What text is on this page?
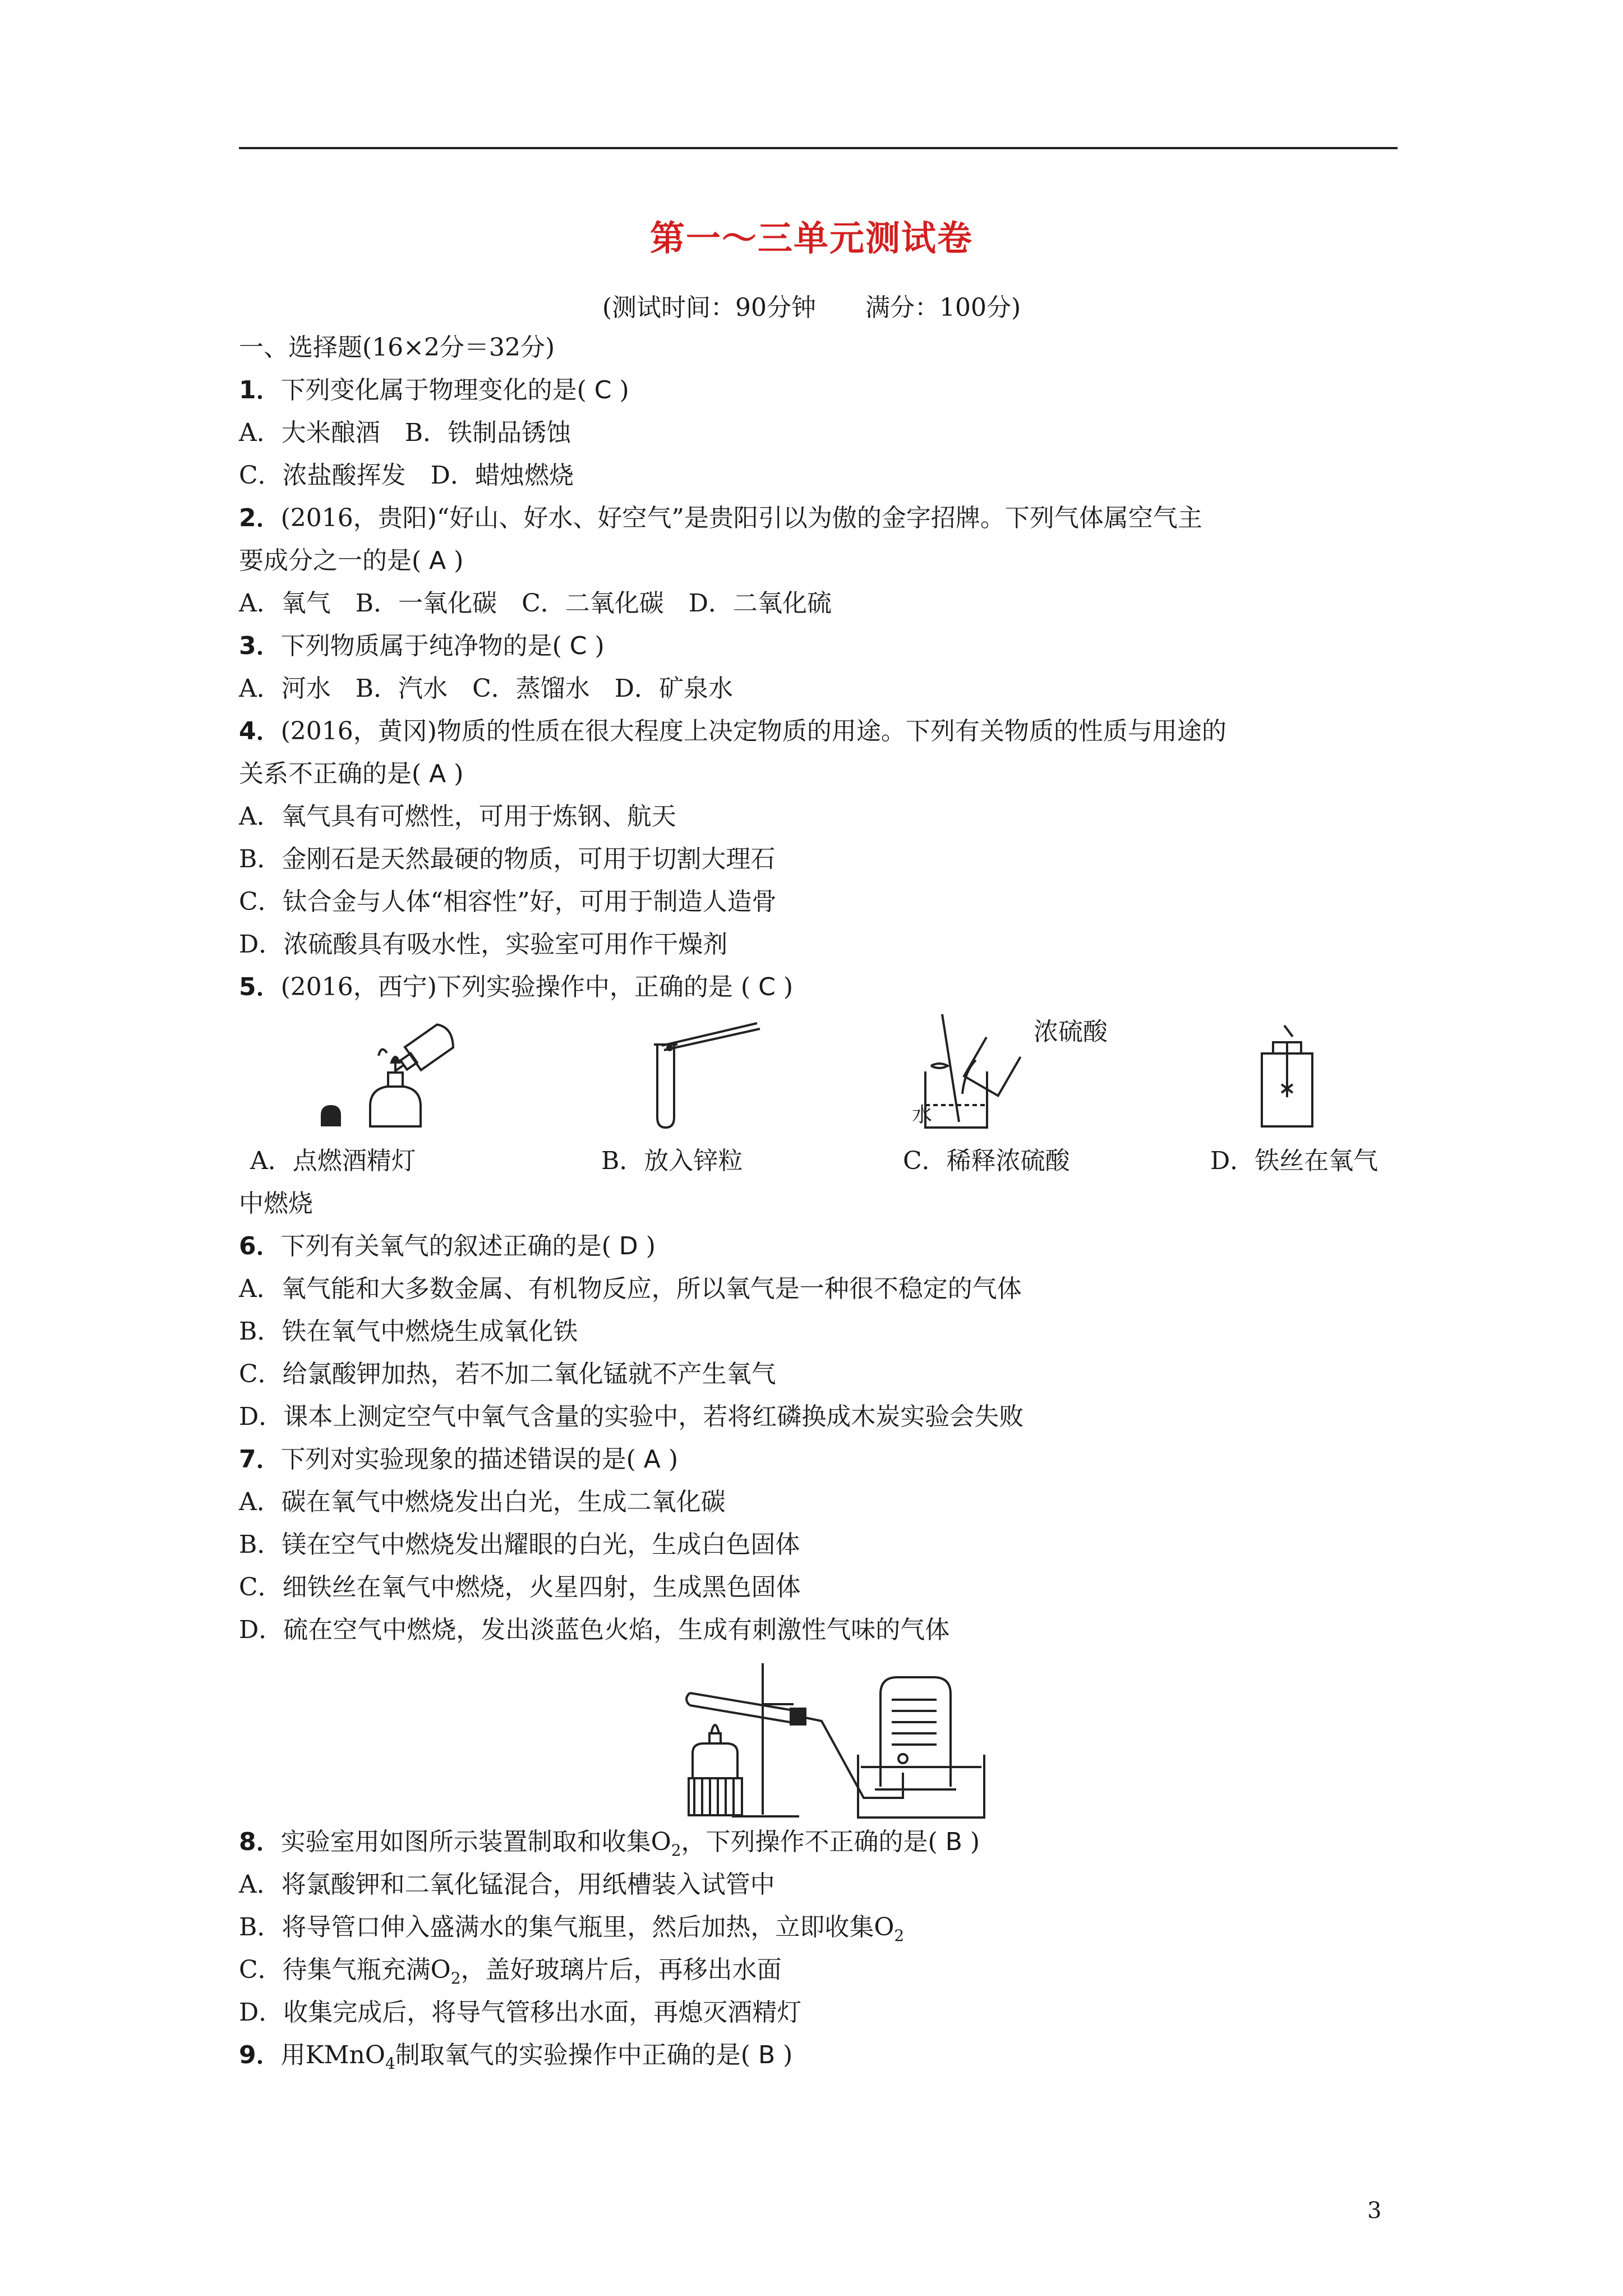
第一～三单元测试卷
(测试时间：90分钟　　满分：100分)
一、选择题(16×2分＝32分)
1．下列变化属于物理变化的是( C )
A．大米酿酒　B．铁制品锈蚀
C．浓盐酸挥发　D．蜡烛燃烧
2．(2016，贵阳)“好山、好水、好空气”是贵阳引以为傲的金字招牌。下列气体属空气主
要成分之一的是( A )
A．氧气　B．一氧化碳　C．二氧化碳　D．二氧化硫
3．下列物质属于纯净物的是( C )
A．河水　B．汽水　C．蒸馏水　D．矿泉水
4．(2016，黄冈)物质的性质在很大程度上决定物质的用途。下列有关物质的性质与用途的
关系不正确的是( A )
A．氧气具有可燃性，可用于炼钢、航天
B．金刚石是天然最硬的物质，可用于切割大理石
C．钛合金与人体“相容性”好，可用于制造人造骨
D．浓硫酸具有吸水性，实验室可用作干燥剂
5．(2016，西宁)下列实验操作中，正确的是 ( C )
浓硫酸
水
A．点燃酒精灯	B．放入锌粒	C．稀释浓硫酸	D．铁丝在氧气
中燃烧
6．下列有关氧气的叙述正确的是( D )
A．氧气能和大多数金属、有机物反应，所以氧气是一种很不稳定的气体
B．铁在氧气中燃烧生成氧化铁
C．给氯酸钾加热，若不加二氧化锰就不产生氧气
D．课本上测定空气中氧气含量的实验中，若将红磷换成木炭实验会失败
7．下列对实验现象的描述错误的是( A )
A．碳在氧气中燃烧发出白光，生成二氧化碳
B．镁在空气中燃烧发出耀眼的白光，生成白色固体
C．细铁丝在氧气中燃烧，火星四射，生成黑色固体
D．硫在空气中燃烧，发出淡蓝色火焰，生成有刺激性气味的气体
8．实验室用如图所示装置制取和收集$O_2$，下列操作不正确的是( B )
A．将氯酸钾和二氧化锰混合，用纸槽装入试管中
B．将导管口伸入盛满水的集气瓶里，然后加热，立即收集$O_2$
C．待集气瓶充满$O_2$，盖好玻璃片后，再移出水面
D．收集完成后，将导气管移出水面，再熄灭酒精灯
9．用KMnO$_4$制取氧气的实验操作中正确的是( B )
3
